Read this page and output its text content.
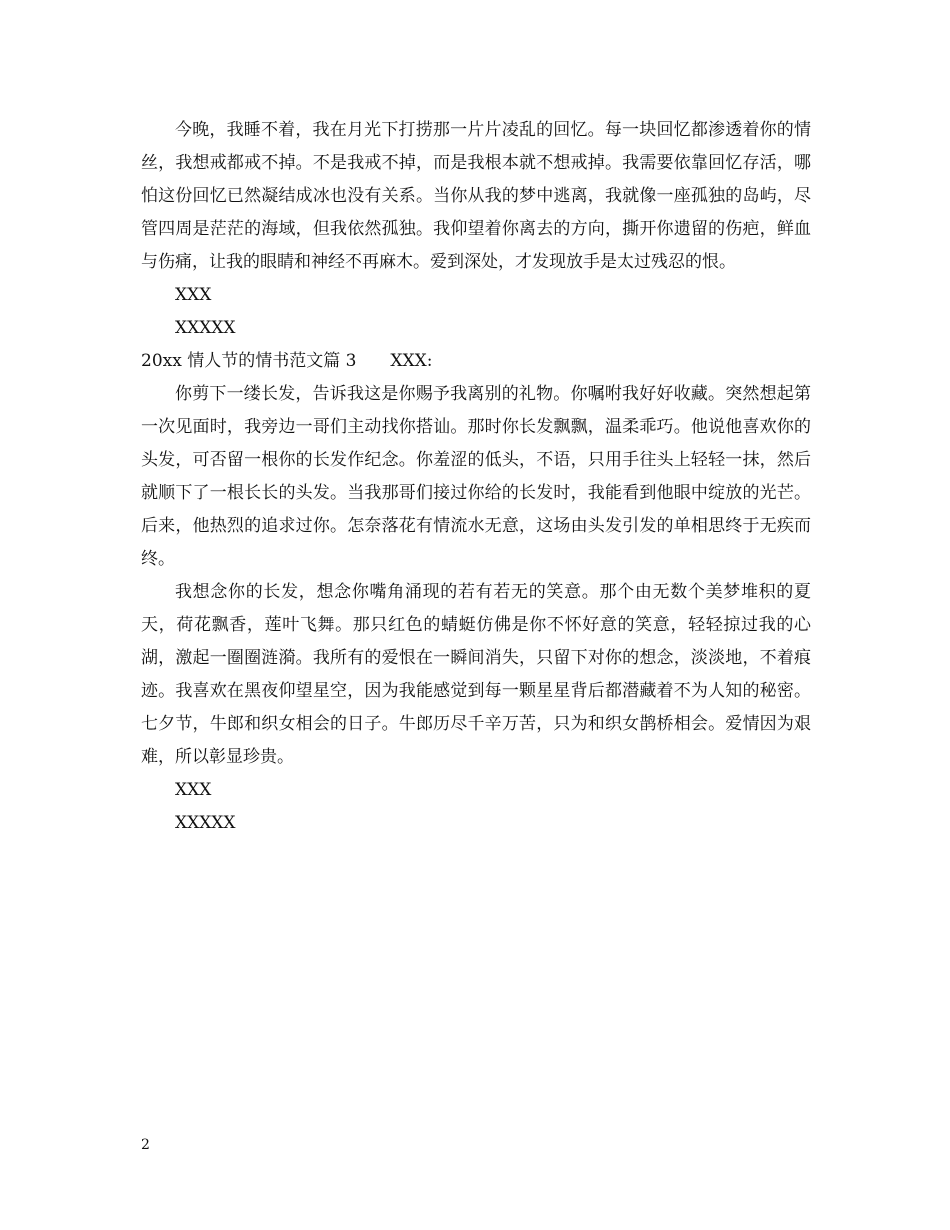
今晚，我睡不着，我在月光下打捞那一片片凌乱的回忆。每一块回忆都渗透着你的情丝，我想戒都戒不掉。不是我戒不掉，而是我根本就不想戒掉。我需要依靠回忆存活，哪怕这份回忆已然凝结成冰也没有关系。当你从我的梦中逃离，我就像一座孤独的岛屿，尽管四周是茫茫的海域，但我依然孤独。我仰望着你离去的方向，撕开你遗留的伤疤，鲜血与伤痛，让我的眼睛和神经不再麻木。爱到深处，才发现放手是太过残忍的恨。

XXX

XXXXX

20xx 情人节的情书范文篇 3　　XXX:

你剪下一缕长发，告诉我这是你赐予我离别的礼物。你嘱咐我好好收藏。突然想起第一次见面时，我旁边一哥们主动找你搭讪。那时你长发飘飘，温柔乖巧。他说他喜欢你的头发，可否留一根你的长发作纪念。你羞涩的低头，不语，只用手往头上轻轻一抹，然后就顺下了一根长长的头发。当我那哥们接过你给的长发时，我能看到他眼中绽放的光芒。后来，他热烈的追求过你。怎奈落花有情流水无意，这场由头发引发的单相思终于无疾而终。

我想念你的长发，想念你嘴角涌现的若有若无的笑意。那个由无数个美梦堆积的夏天，荷花飘香，莲叶飞舞。那只红色的蜻蜓仿佛是你不怀好意的笑意，轻轻掠过我的心湖，激起一圈圈涟漪。我所有的爱恨在一瞬间消失，只留下对你的想念，淡淡地，不着痕迹。我喜欢在黑夜仰望星空，因为我能感觉到每一颗星星背后都潜藏着不为人知的秘密。七夕节，牛郎和织女相会的日子。牛郎历尽千辛万苦，只为和织女鹊桥相会。爱情因为艰难，所以彰显珍贵。

XXX

XXXXX

2
